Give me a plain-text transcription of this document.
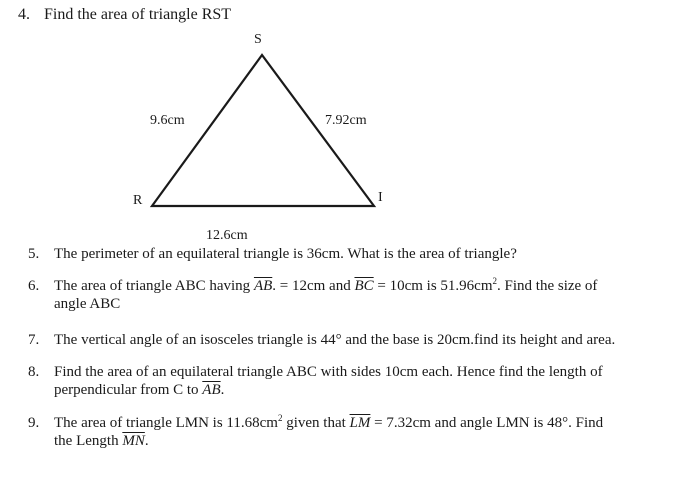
4. Find the area of triangle RST
S
R	I
9.6cm	7.92cm
12.6cm
5. The perimeter of an equilateral triangle is 36cm. What is the area of triangle?
6. The area of triangle ABC having $\overline{AB}$. = 12cm and $\overline{BC} = 10cm$ is $51.96cm^2$. Find the size of
angle ABC
7. The vertical angle of an isosceles triangle is 44° and the base is 20cm.find its height and area.
8. Find the area of an equilateral triangle ABC with sides 10cm each. Hence find the length of
perpendicular from C to $\overline{AB}$.
9. The area of triangle LMN is $11.68cm^2$ given that $\overline{LM} = 7.32cm$ and angle LMN is 48°. Find
the Length $\overline{MN}$.
